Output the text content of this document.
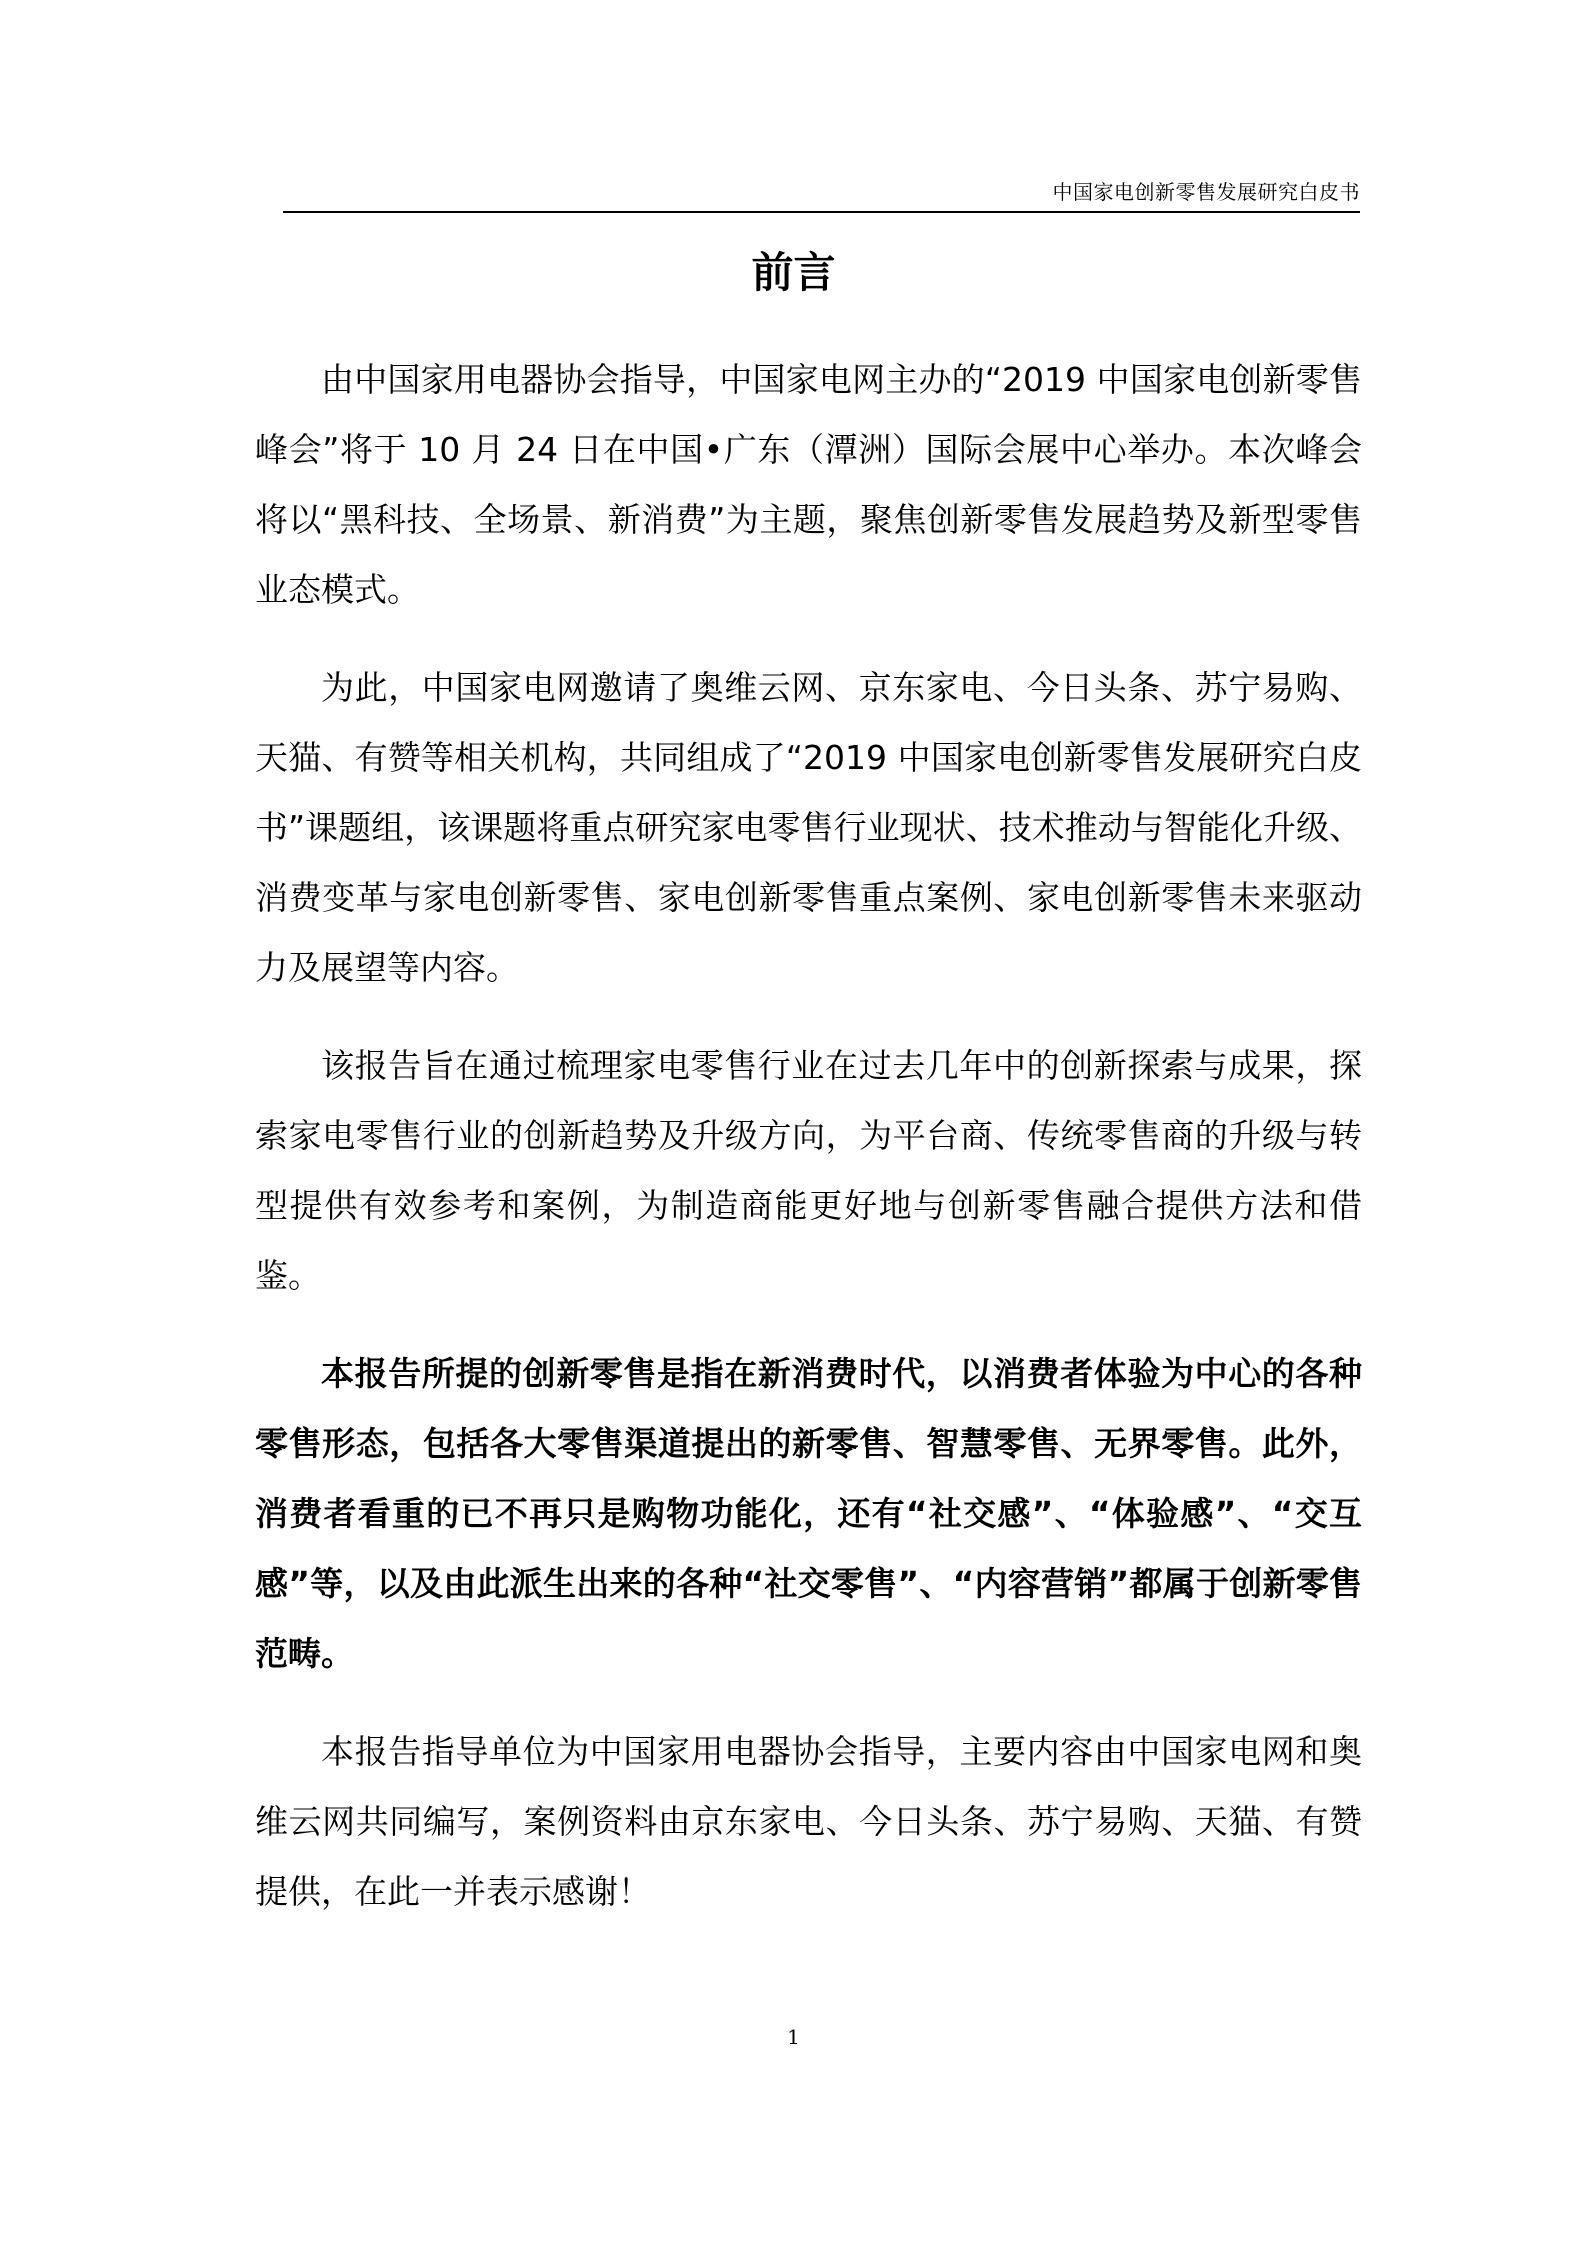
中国家电创新零售发展研究白皮书
前言

由中国家用电器协会指导，中国家电网主办的“2019 中国家电创新零售峰会”将于 10 月 24 日在中国•广东（潭洲）国际会展中心举办。本次峰会将以“黑科技、全场景、新消费”为主题，聚焦创新零售发展趋势及新型零售业态模式。

为此，中国家电网邀请了奥维云网、京东家电、今日头条、苏宁易购、天猫、有赞等相关机构，共同组成了“2019 中国家电创新零售发展研究白皮书”课题组，该课题将重点研究家电零售行业现状、技术推动与智能化升级、消费变革与家电创新零售、家电创新零售重点案例、家电创新零售未来驱动力及展望等内容。

该报告旨在通过梳理家电零售行业在过去几年中的创新探索与成果，探索家电零售行业的创新趋势及升级方向，为平台商、传统零售商的升级与转型提供有效参考和案例，为制造商能更好地与创新零售融合提供方法和借鉴。

本报告所提的创新零售是指在新消费时代，以消费者体验为中心的各种零售形态，包括各大零售渠道提出的新零售、智慧零售、无界零售。此外，消费者看重的已不再只是购物功能化，还有“社交感”、“体验感”、“交互感”等，以及由此派生出来的各种“社交零售”、“内容营销”都属于创新零售范畴。

本报告指导单位为中国家用电器协会指导，主要内容由中国家电网和奥维云网共同编写，案例资料由京东家电、今日头条、苏宁易购、天猫、有赞提供，在此一并表示感谢！

1
